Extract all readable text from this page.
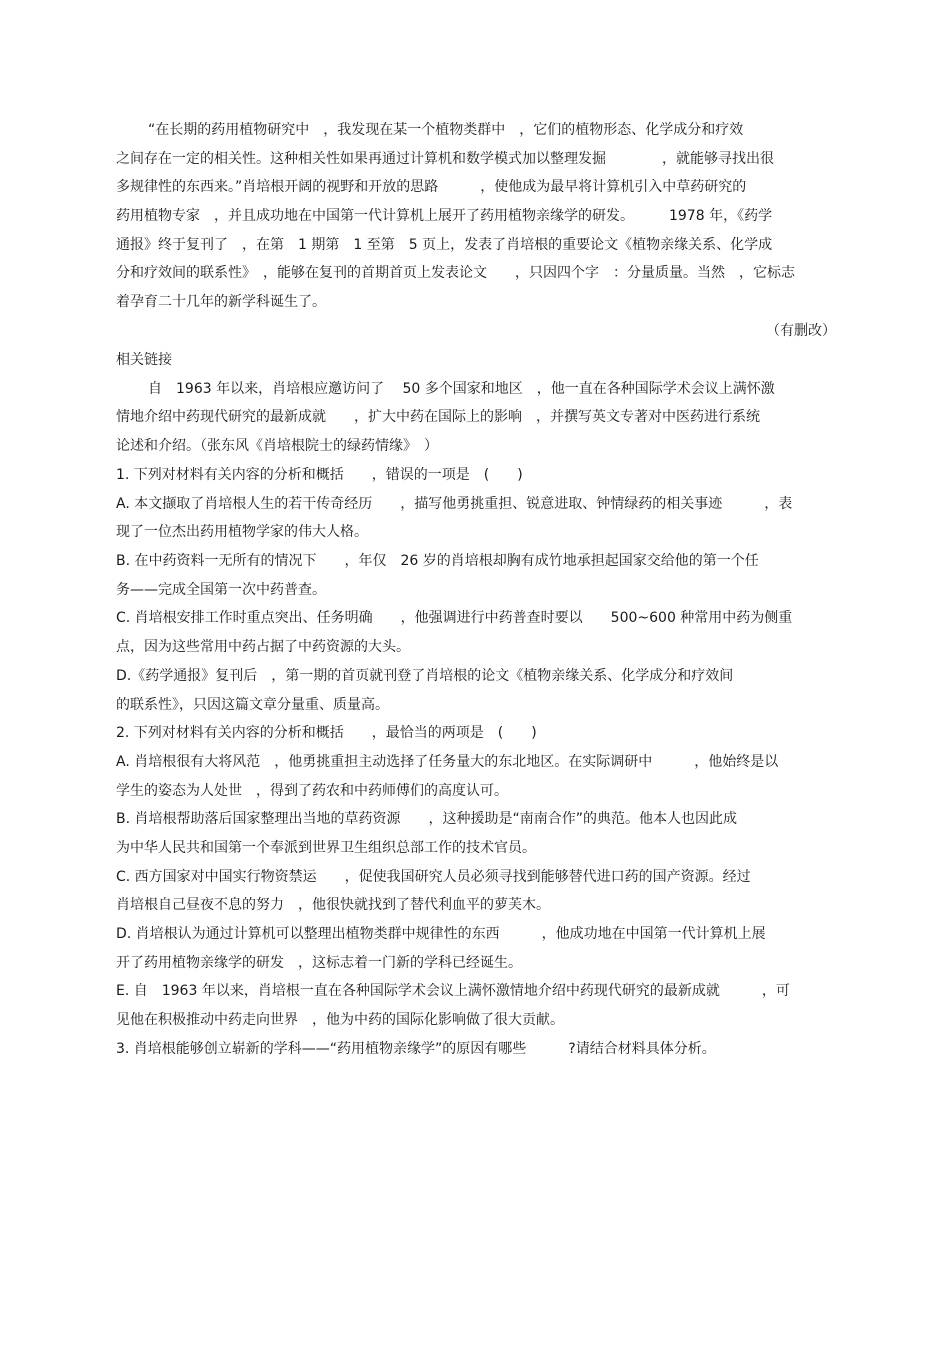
“在长期的药用植物研究中　，我发现在某一个植物类群中　，它们的植物形态、化学成分和疗效
之间存在一定的相关性。这种相关性如果再通过计算机和数学模式加以整理发掘　　　　，就能够寻找出很
多规律性的东西来。”肖培根开阔的视野和开放的思路　　　，使他成为最早将计算机引入中草药研究的
药用植物专家　，并且成功地在中国第一代计算机上展开了药用植物亲缘学的研发。　　　1978 年，《药学
通报》终于复刊了　，在第　1 期第　1 至第　5 页上，发表了肖培根的重要论文《植物亲缘关系、化学成
分和疗效间的联系性》　，能够在复刊的首期首页上发表论文　　，只因四个字　：分量质量。当然　，它标志
着孕育二十几年的新学科诞生了。
（有删改）
相关链接
自　1963 年以来，肖培根应邀访问了　 50 多个国家和地区　，他一直在各种国际学术会议上满怀激
情地介绍中药现代研究的最新成就　　，扩大中药在国际上的影响　，并撰写英文专著对中医药进行系统
论述和介绍。（张东风《肖培根院士的绿药情缘》　）
1. 下列对材料有关内容的分析和概括　　，错误的一项是　(　　)
A. 本文撷取了肖培根人生的若干传奇经历　　，描写他勇挑重担、锐意进取、钟情绿药的相关事迹　　　，表
现了一位杰出药用植物学家的伟大人格。
B. 在中药资料一无所有的情况下　　，年仅　26 岁的肖培根却胸有成竹地承担起国家交给他的第一个任
务——完成全国第一次中药普查。
C. 肖培根安排工作时重点突出、任务明确　　，他强调进行中药普查时要以　　500~600 种常用中药为侧重
点，因为这些常用中药占据了中药资源的大头。
D.《药学通报》复刊后　，第一期的首页就刊登了肖培根的论文《植物亲缘关系、化学成分和疗效间
的联系性》，只因这篇文章分量重、质量高。
2. 下列对材料有关内容的分析和概括　　，最恰当的两项是　(　　)
A. 肖培根很有大将风范　，他勇挑重担主动选择了任务量大的东北地区。在实际调研中　　　，他始终是以
学生的姿态为人处世　，得到了药农和中药师傅们的高度认可。
B. 肖培根帮助落后国家整理出当地的草药资源　　，这种援助是“南南合作”的典范。他本人也因此成
为中华人民共和国第一个奉派到世界卫生组织总部工作的技术官员。
C. 西方国家对中国实行物资禁运　　，促使我国研究人员必须寻找到能够替代进口药的国产资源。经过
肖培根自己昼夜不息的努力　，他很快就找到了替代利血平的萝芙木。
D. 肖培根认为通过计算机可以整理出植物类群中规律性的东西　　　，他成功地在中国第一代计算机上展
开了药用植物亲缘学的研发　，这标志着一门新的学科已经诞生。
E. 自　1963 年以来，肖培根一直在各种国际学术会议上满怀激情地介绍中药现代研究的最新成就　　　，可
见他在积极推动中药走向世界　，他为中药的国际化影响做了很大贡献。
3. 肖培根能够创立崭新的学科——“药用植物亲缘学”的原因有哪些　　　?请结合材料具体分析。
